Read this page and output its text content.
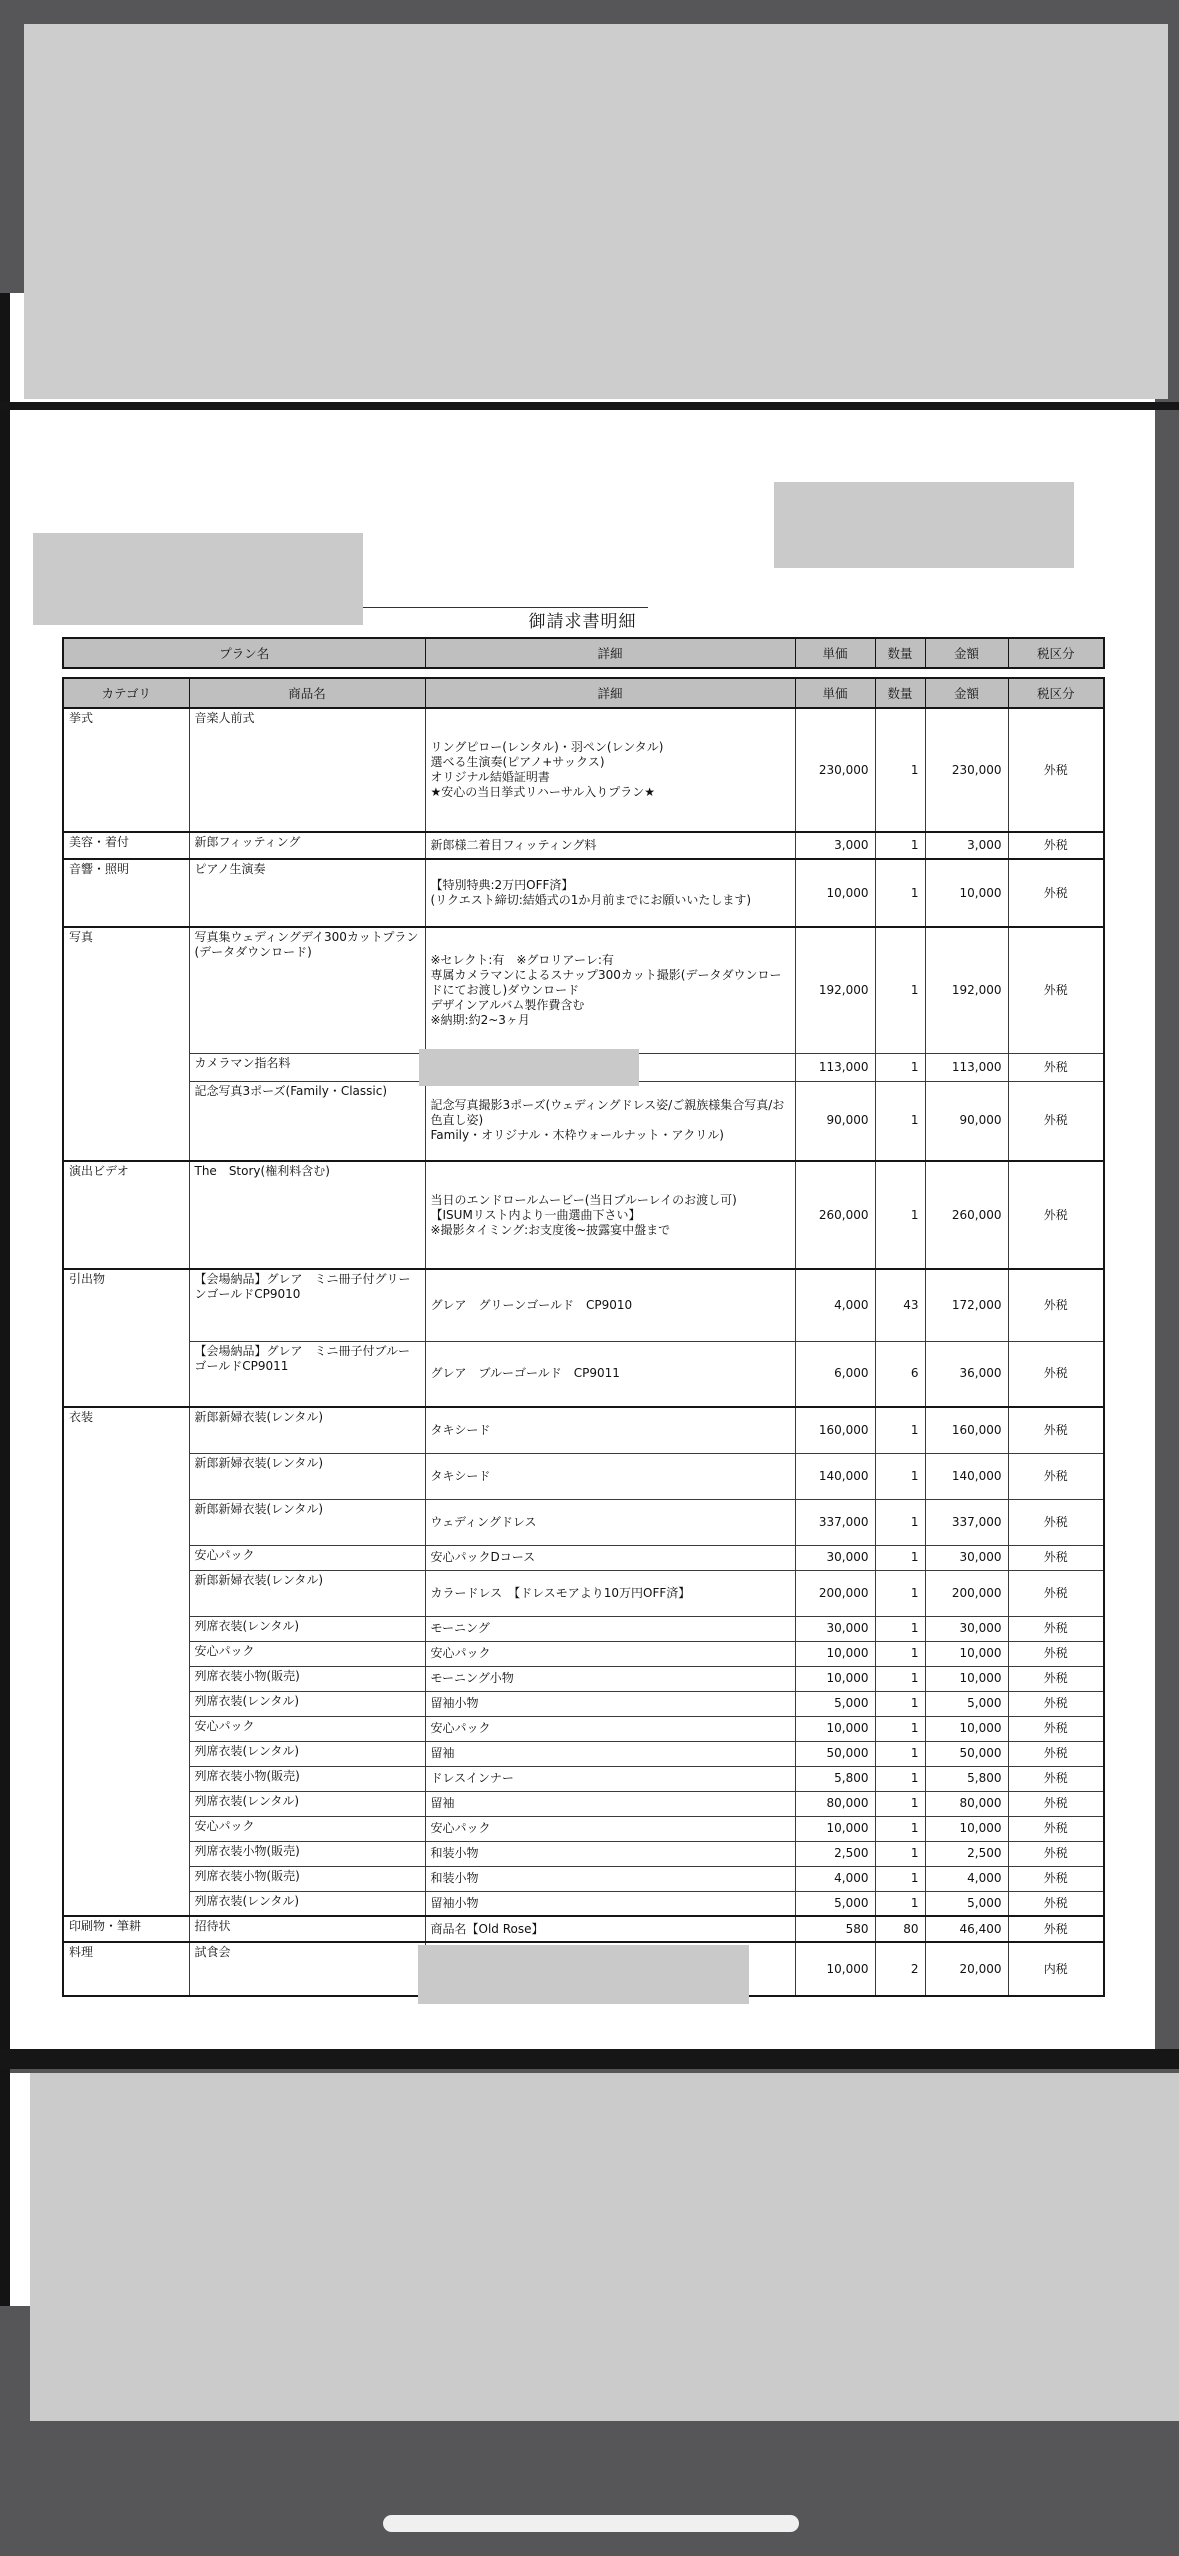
御請求書明細
プラン名	詳細	単価	数量	金額	税区分
カテゴリ	商品名	詳細	単価	数量	金額	税区分
挙式	音楽人前式	リングピロー(レンタル)・羽ペン(レンタル)
選べる生演奏(ピアノ+サックス)
オリジナル結婚証明書
★安心の当日挙式リハーサル入りプラン★	230,000	1	230,000	外税
美容・着付	新郎フィッティング	新郎様二着目フィッティング料	3,000	1	3,000	外税
音響・照明	ピアノ生演奏	【特別特典:2万円OFF済】
(リクエスト締切:結婚式の1か月前までにお願いいたします)	10,000	1	10,000	外税
写真	写真集ウェディングデイ300カットプラン(データダウンロード)	※セレクト:有　※グロリアーレ:有
専属カメラマンによるスナップ300カット撮影(データダウンロードにてお渡し)ダウンロード
デザインアルバム製作費含む
※納期:約2~3ヶ月	192,000	1	192,000	外税
	カメラマン指名料		113,000	1	113,000	外税
	記念写真3ポーズ(Family・Classic)	記念写真撮影3ポーズ(ウェディングドレス姿/ご親族様集合写真/お色直し姿)
Family・オリジナル・木枠ウォールナット・アクリル)	90,000	1	90,000	外税
演出ビデオ	The　Story(権利料含む)	当日のエンドロールムービー(当日ブルーレイのお渡し可)
【ISUMリスト内より一曲選曲下さい】
※撮影タイミング:お支度後~披露宴中盤まで	260,000	1	260,000	外税
引出物	【会場納品】グレア　ミニ冊子付グリーンゴールドCP9010	グレア　グリーンゴールド　CP9010	4,000	43	172,000	外税
	【会場納品】グレア　ミニ冊子付ブルーゴールドCP9011	グレア　ブルーゴールド　CP9011	6,000	6	36,000	外税
衣装	新郎新婦衣装(レンタル)	タキシード	160,000	1	160,000	外税
	新郎新婦衣装(レンタル)	タキシード	140,000	1	140,000	外税
	新郎新婦衣装(レンタル)	ウェディングドレス	337,000	1	337,000	外税
	安心パック	安心パックDコース	30,000	1	30,000	外税
	新郎新婦衣装(レンタル)	カラードレス　【ドレスモアより10万円OFF済】	200,000	1	200,000	外税
	列席衣装(レンタル)	モーニング	30,000	1	30,000	外税
	安心パック	安心パック	10,000	1	10,000	外税
	列席衣装小物(販売)	モーニング小物	10,000	1	10,000	外税
	列席衣装(レンタル)	留袖小物	5,000	1	5,000	外税
	安心パック	安心パック	10,000	1	10,000	外税
	列席衣装(レンタル)	留袖	50,000	1	50,000	外税
	列席衣装小物(販売)	ドレスインナー	5,800	1	5,800	外税
	列席衣装(レンタル)	留袖	80,000	1	80,000	外税
	安心パック	安心パック	10,000	1	10,000	外税
	列席衣装小物(販売)	和装小物	2,500	1	2,500	外税
	列席衣装小物(販売)	和装小物	4,000	1	4,000	外税
	列席衣装(レンタル)	留袖小物	5,000	1	5,000	外税
印刷物・筆耕	招待状	商品名【Old Rose】	580	80	46,400	外税
料理	試食会		10,000	2	20,000	内税
